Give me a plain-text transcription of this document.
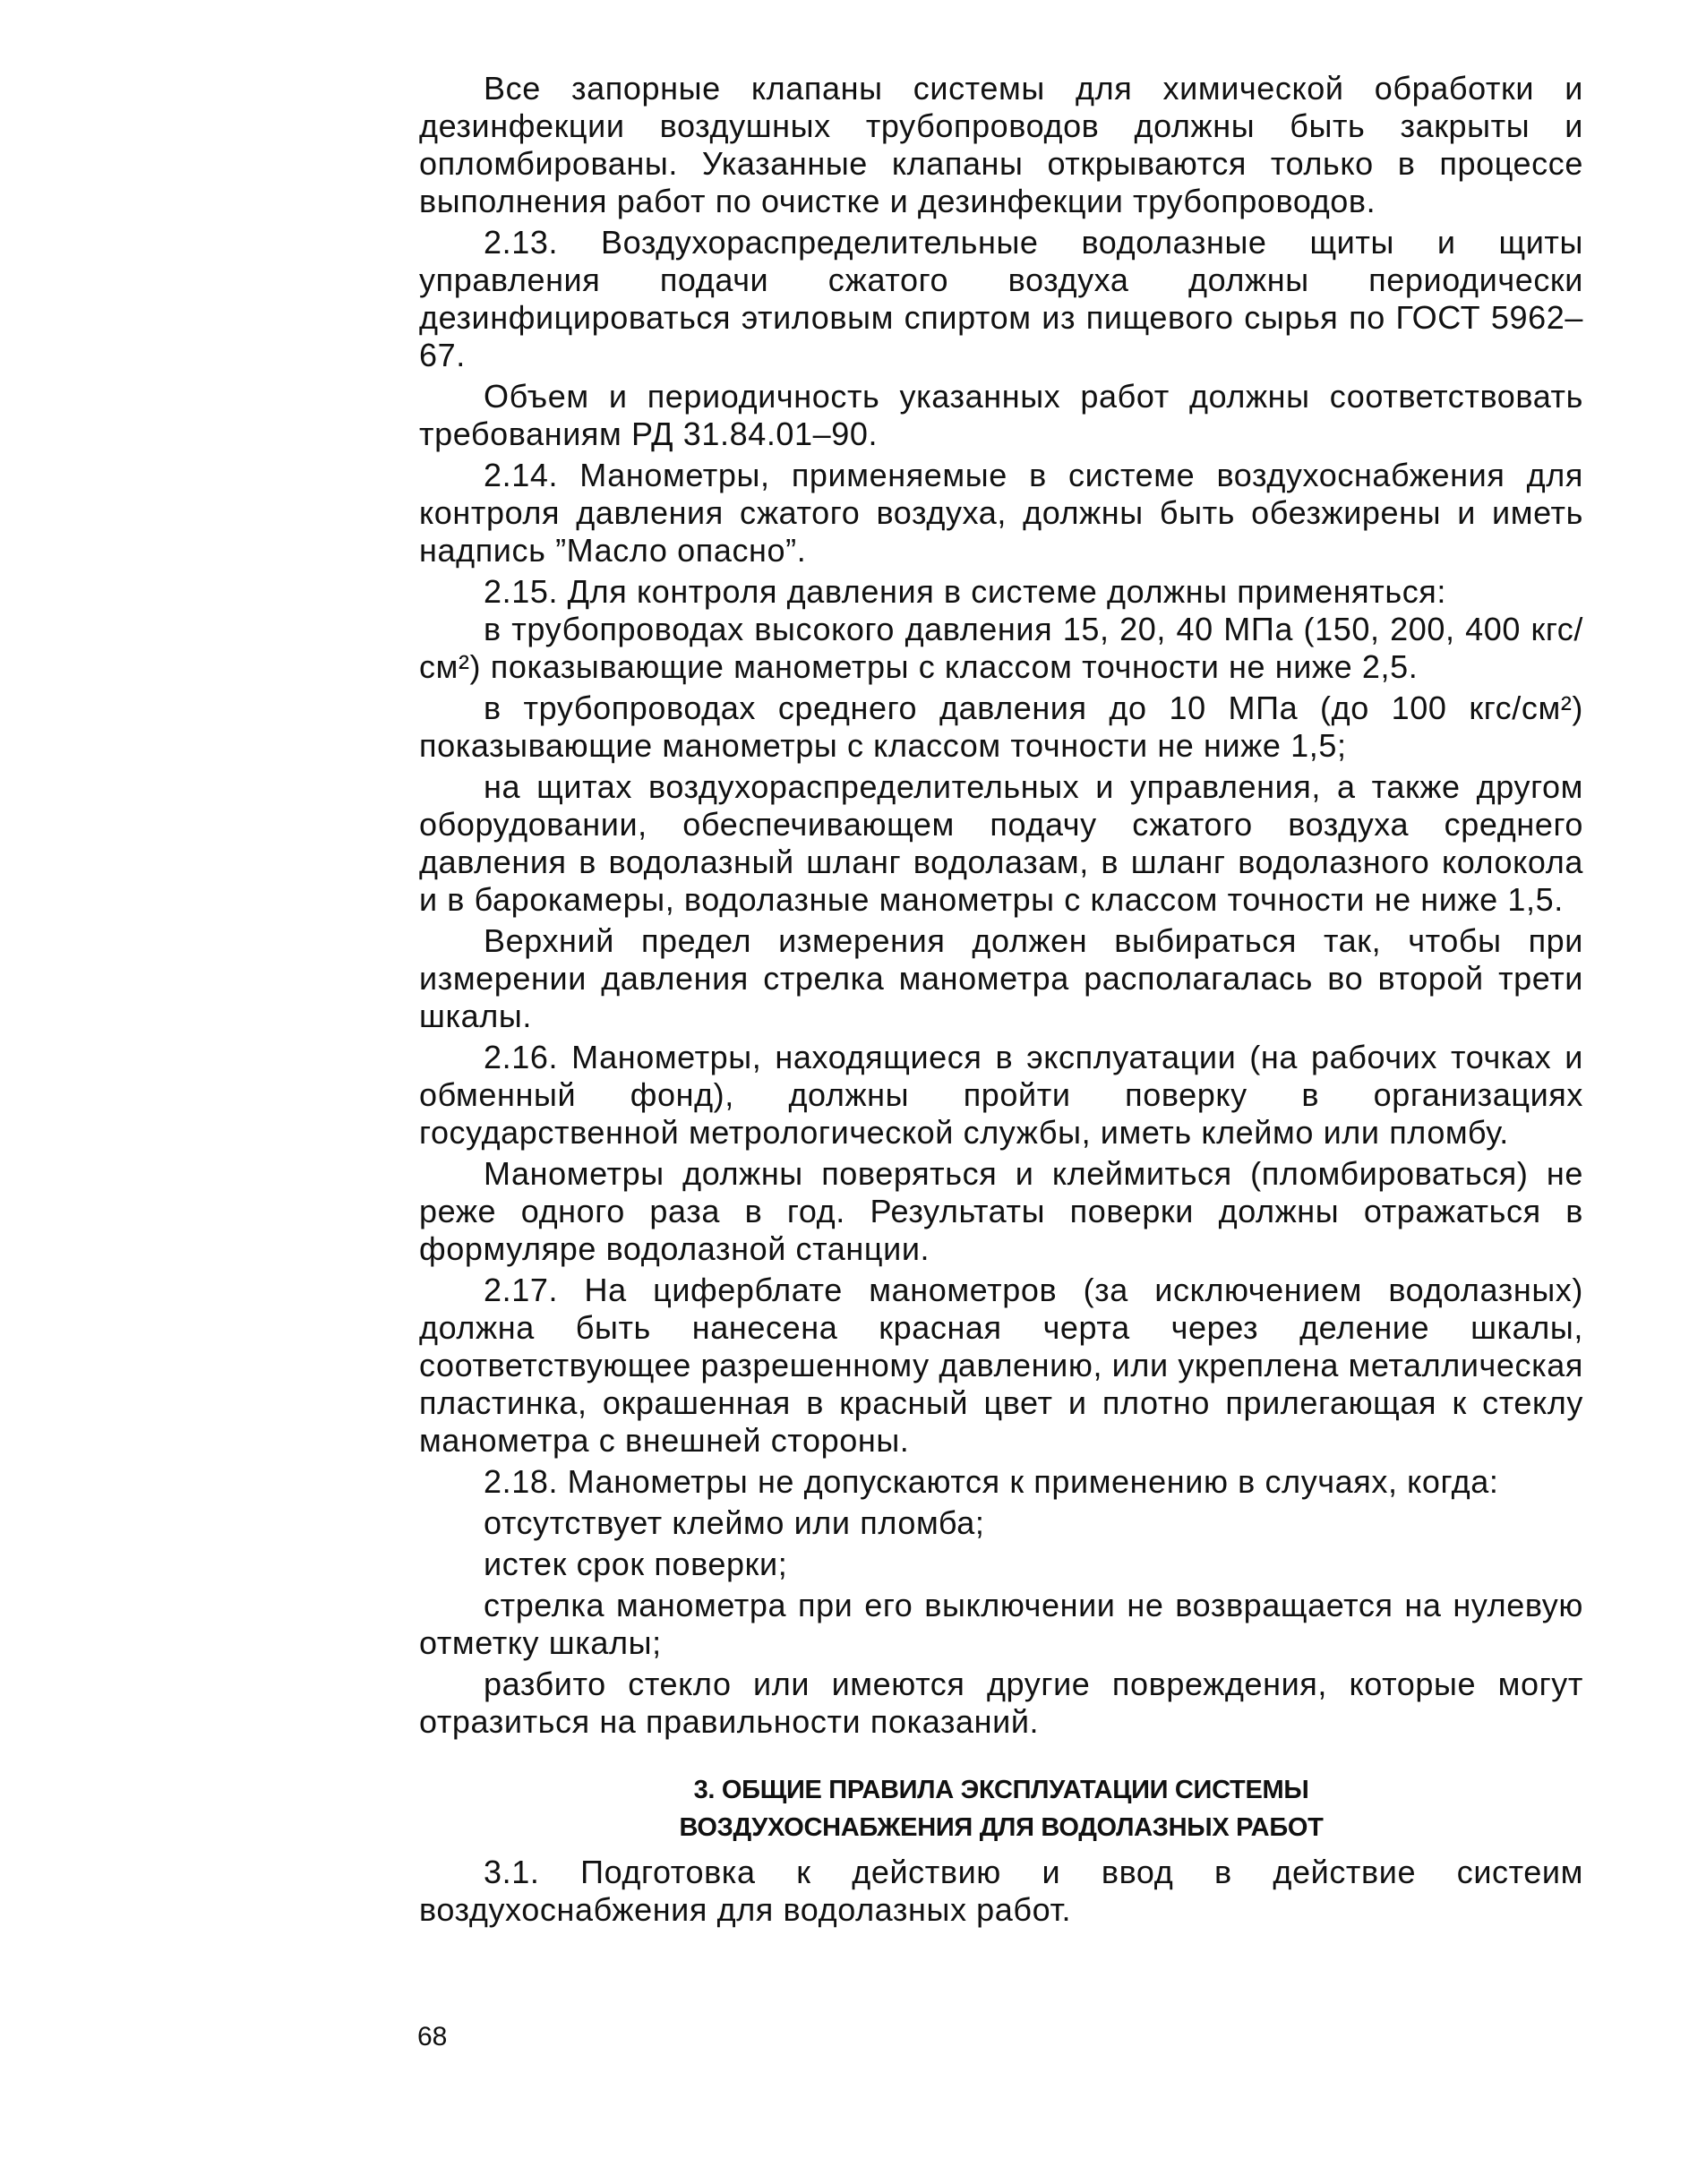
Все запорные клапаны системы для химической обработки и дезинфекции воздушных трубопроводов должны быть закрыты и опломбированы. Указанные клапаны открываются только в процессе выполнения работ по очистке и дезинфекции трубопроводов.

2.13. Воздухораспределительные водолазные щиты и щиты управления подачи сжатого воздуха должны периодически дезинфицироваться этиловым спиртом из пищевого сырья по ГОСТ 5962–67.

Объем и периодичность указанных работ должны соответствовать требованиям РД 31.84.01–90.

2.14. Манометры, применяемые в системе воздухоснабжения для контроля давления сжатого воздуха, должны быть обезжирены и иметь надпись ”Масло опасно”.

2.15. Для контроля давления в системе должны применяться:

в трубопроводах высокого давления 15, 20, 40 МПа (150, 200, 400 кгс/см²) показывающие манометры с классом точности не ниже 2,5.

в трубопроводах среднего давления до 10 МПа (до 100 кгс/см²) показывающие манометры с классом точности не ниже 1,5;

на щитах воздухораспределительных и управления, а также другом оборудовании, обеспечивающем подачу сжатого воздуха среднего давления в водолазный шланг водолазам, в шланг водолазного колокола и в барокамеры, водолазные манометры с классом точности не ниже 1,5.

Верхний предел измерения должен выбираться так, чтобы при измерении давления стрелка манометра располагалась во второй трети шкалы.

2.16. Манометры, находящиеся в эксплуатации (на рабочих точках и обменный фонд), должны пройти поверку в организациях государственной метрологической службы, иметь клеймо или пломбу.

Манометры должны поверяться и клеймиться (пломбироваться) не реже одного раза в год. Результаты поверки должны отражаться в формуляре водолазной станции.

2.17. На циферблате манометров (за исключением водолазных) должна быть нанесена красная черта через деление шкалы, соответствующее разрешенному давлению, или укреплена металлическая пластинка, окрашенная в красный цвет и плотно прилегающая к стеклу манометра с внешней стороны.

2.18. Манометры не допускаются к применению в случаях, когда:

отсутствует клеймо или пломба;

истек срок поверки;

стрелка манометра при его выключении не возвращается на нулевую отметку шкалы;

разбито стекло или имеются другие повреждения, которые могут отразиться на правильности показаний.

3. ОБЩИЕ ПРАВИЛА ЭКСПЛУАТАЦИИ СИСТЕМЫ
ВОЗДУХОСНАБЖЕНИЯ ДЛЯ ВОДОЛАЗНЫХ РАБОТ

3.1. Подготовка к действию и ввод в действие систеим воздухоснабжения для водолазных работ.

68
